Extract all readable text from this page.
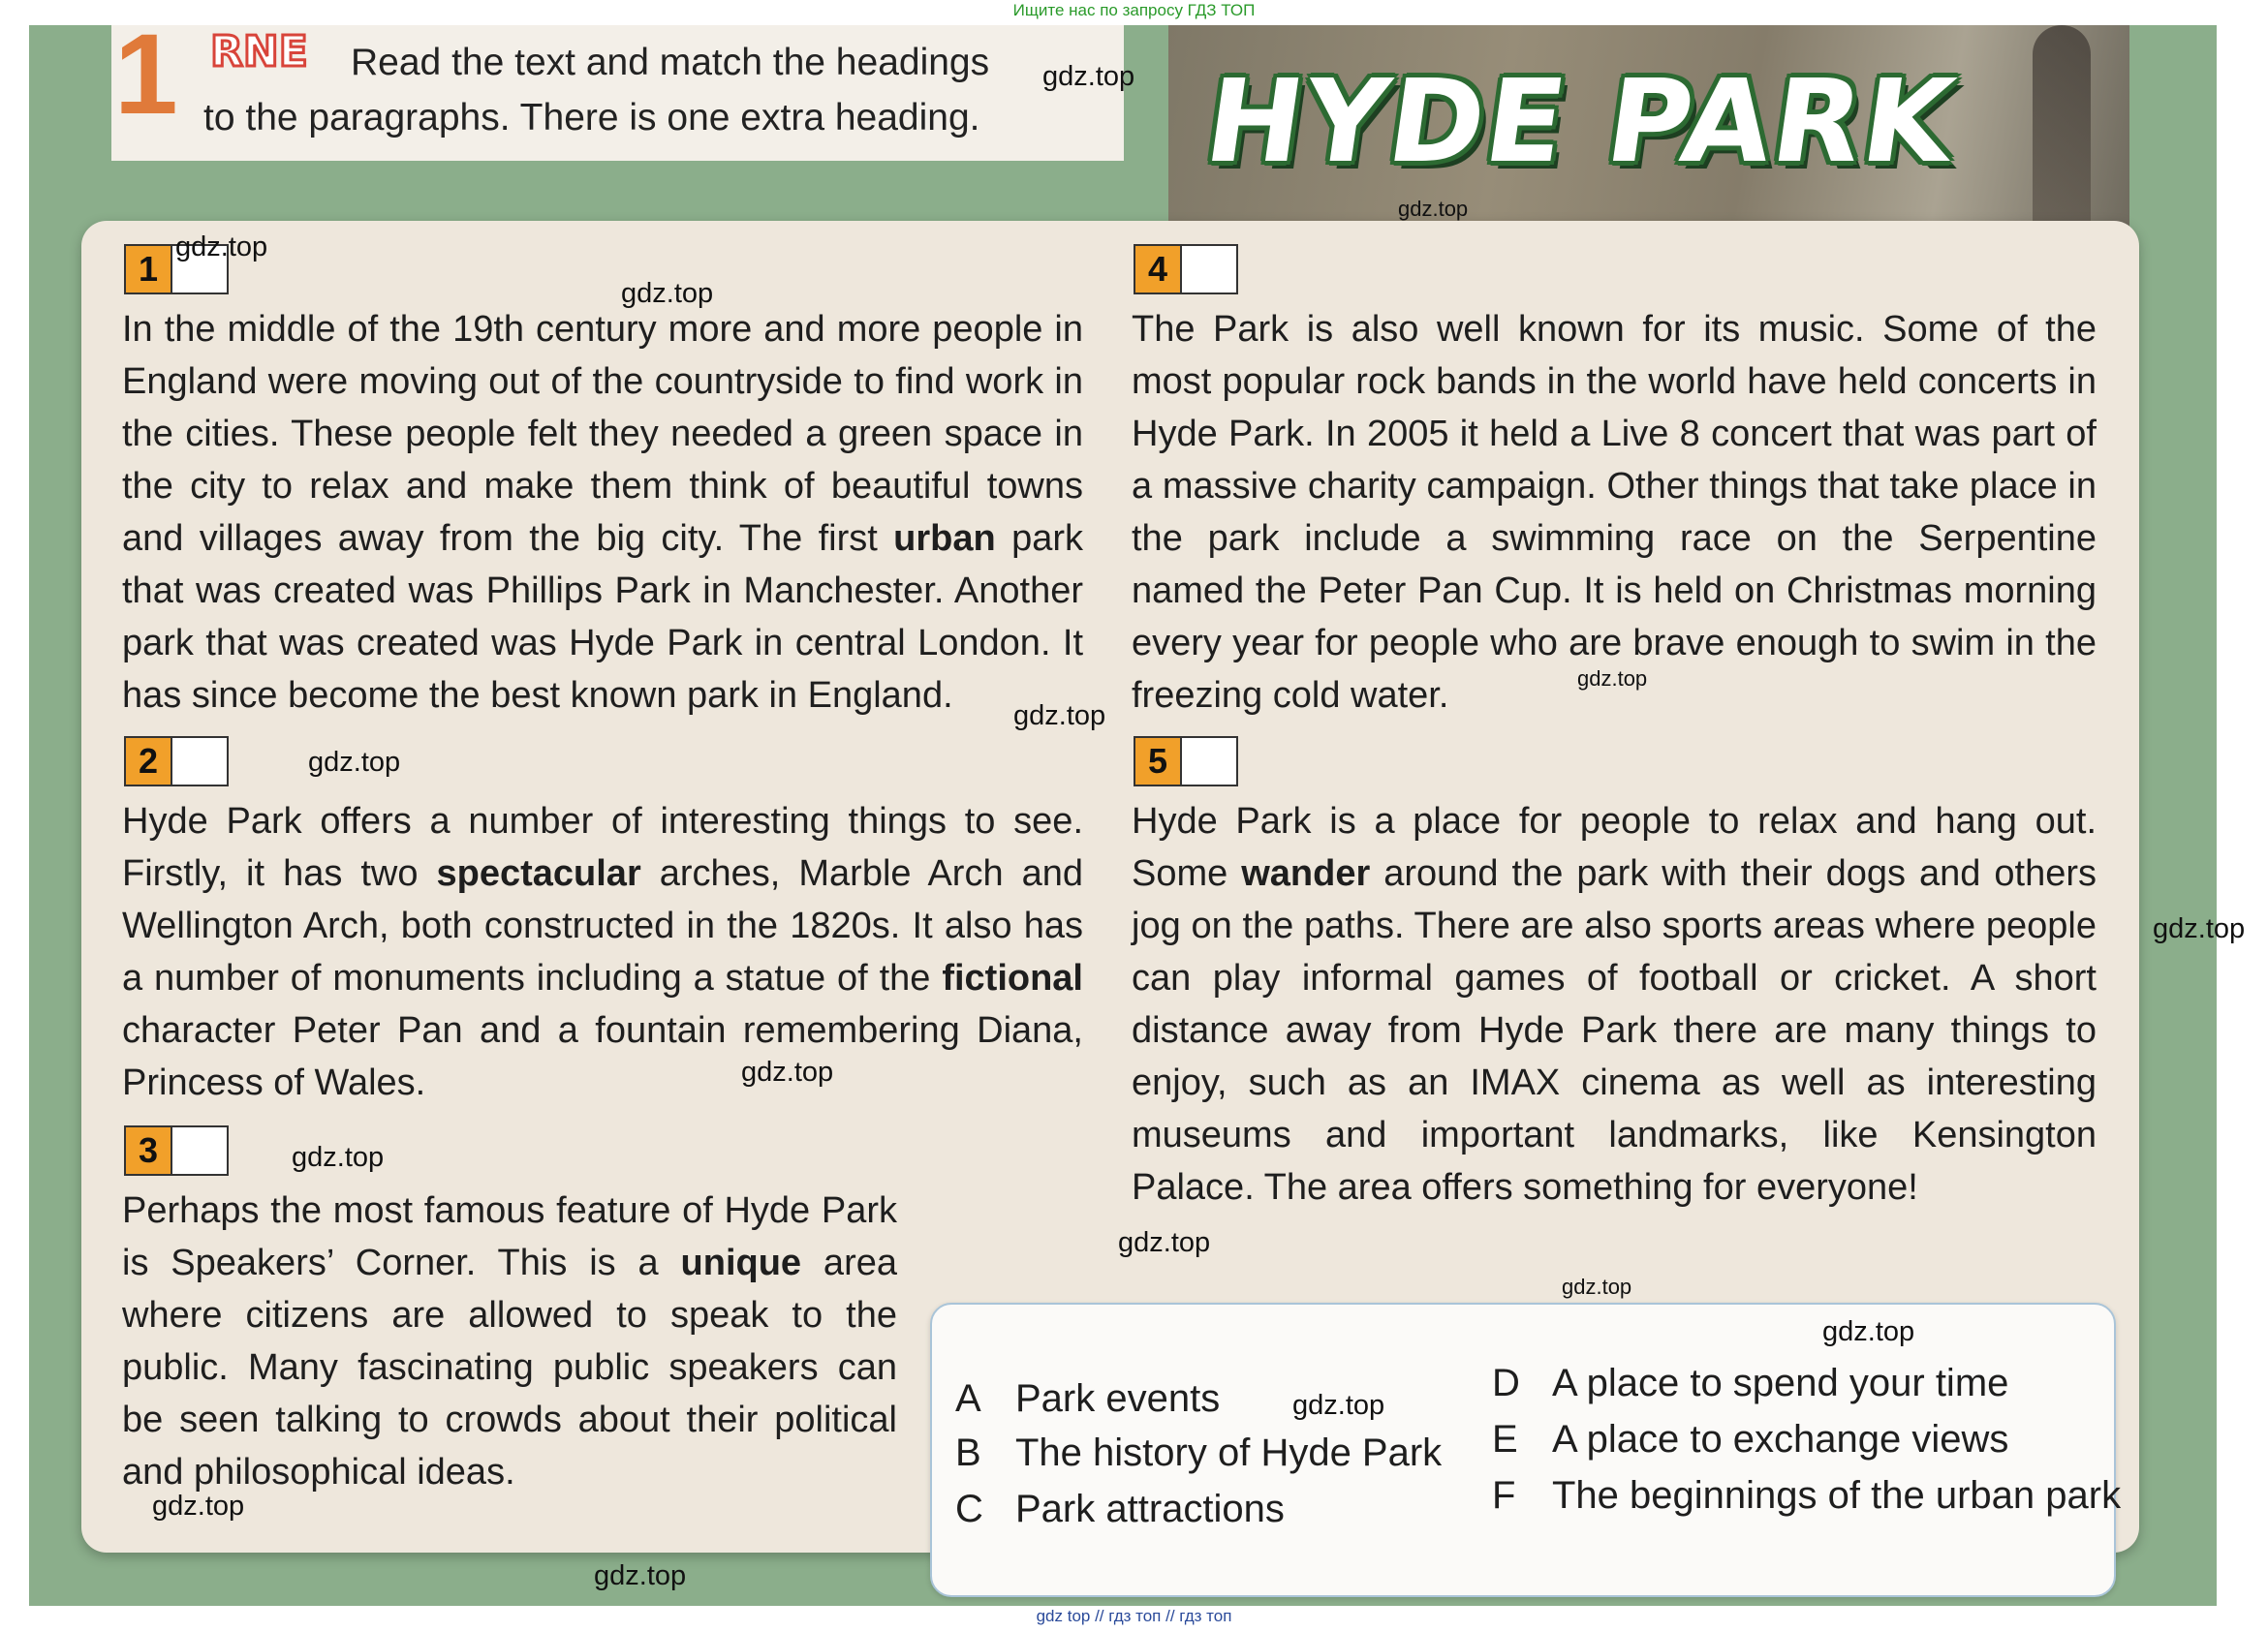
Ищите нас по запросу ГДЗ ТОП
1 RNE	Read the text and match the headings
to the paragraphs. There is one extra heading.	HYDE PARK
1
In the middle of the 19th century more and more people in England were moving out of the countryside to find work in the cities. These people felt they needed a green space in the city to relax and make them think of beautiful towns and villages away from the big city. The first urban park that was created was Phillips Park in Manchester. Another park that was created was Hyde Park in central London. It has since become the best known park in England.
2
Hyde Park offers a number of interesting things to see. Firstly, it has two spectacular arches, Marble Arch and Wellington Arch, both constructed in the 1820s. It also has a number of monuments including a statue of the fictional character Peter Pan and a fountain remembering Diana, Princess of Wales.
3
Perhaps the most famous feature of Hyde Park is Speakers’ Corner. This is a unique area where citizens are allowed to speak to the public. Many fascinating public speakers can be seen talking to crowds about their political and philosophical ideas.
4
The Park is also well known for its music. Some of the most popular rock bands in the world have held concerts in Hyde Park. In 2005 it held a Live 8 concert that was part of a massive charity campaign. Other things that take place in the park include a swimming race on the Serpentine named the Peter Pan Cup. It is held on Christmas morning every year for people who are brave enough to swim in the freezing cold water.
5
Hyde Park is a place for people to relax and hang out. Some wander around the park with their dogs and others jog on the paths. There are also sports areas where people can play informal games of football or cricket. A short distance away from Hyde Park there are many things to enjoy, such as an IMAX cinema as well as interesting museums and important landmarks, like Kensington Palace. The area offers something for everyone!
A Park events
B The history of Hyde Park
C Park attractions
D A place to spend your time
E A place to exchange views
F The beginnings of the urban park
gdz.top
gdz.top
gdz.top
gdz.top
gdz.top
gdz.top
gdz.top
gdz.top
gdz.top
gdz.top
gdz.top
gdz.top
gdz.top
gdz.top
gdz.top
gdz.top
gdz top // гдз топ // гдз топ
